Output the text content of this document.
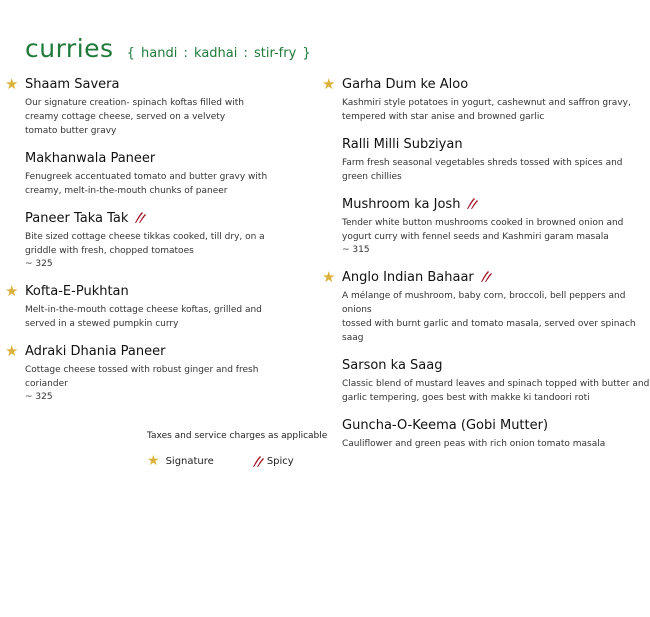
curries { handi : kadhai : stir-fry }
★ Shaam Savera
Our signature creation- spinach koftas filled with
creamy cottage cheese, served on a velvety
tomato butter gravy
Makhanwala Paneer
Fenugreek accentuated tomato and butter gravy with
creamy, melt-in-the-mouth chunks of paneer
Paneer Taka Tak
Bite sized cottage cheese tikkas cooked, till dry, on a
griddle with fresh, chopped tomatoes
~ 325
★ Kofta-E-Pukhtan
Melt-in-the-mouth cottage cheese koftas, grilled and
served in a stewed pumpkin curry
★ Adraki Dhania Paneer
Cottage cheese tossed with robust ginger and fresh coriander
~ 325
★ Garha Dum ke Aloo
Kashmiri style potatoes in yogurt, cashewnut and saffron gravy,
tempered with star anise and browned garlic
Ralli Milli Subziyan
Farm fresh seasonal vegetables shreds tossed with spices and green chillies
Mushroom ka Josh
Tender white button mushrooms cooked in browned onion and
yogurt curry with fennel seeds and Kashmiri garam masala
~ 315
★ Anglo Indian Bahaar
A mélange of mushroom, baby corn, broccoli, bell peppers and onions
tossed with burnt garlic and tomato masala, served over spinach saag
Sarson ka Saag
Classic blend of mustard leaves and spinach topped with butter and
garlic tempering, goes best with makke ki tandoori roti
Guncha-O-Keema (Gobi Mutter)
Cauliflower and green peas with rich onion tomato masala
Taxes and service charges as applicable
★ Signature	Spicy
